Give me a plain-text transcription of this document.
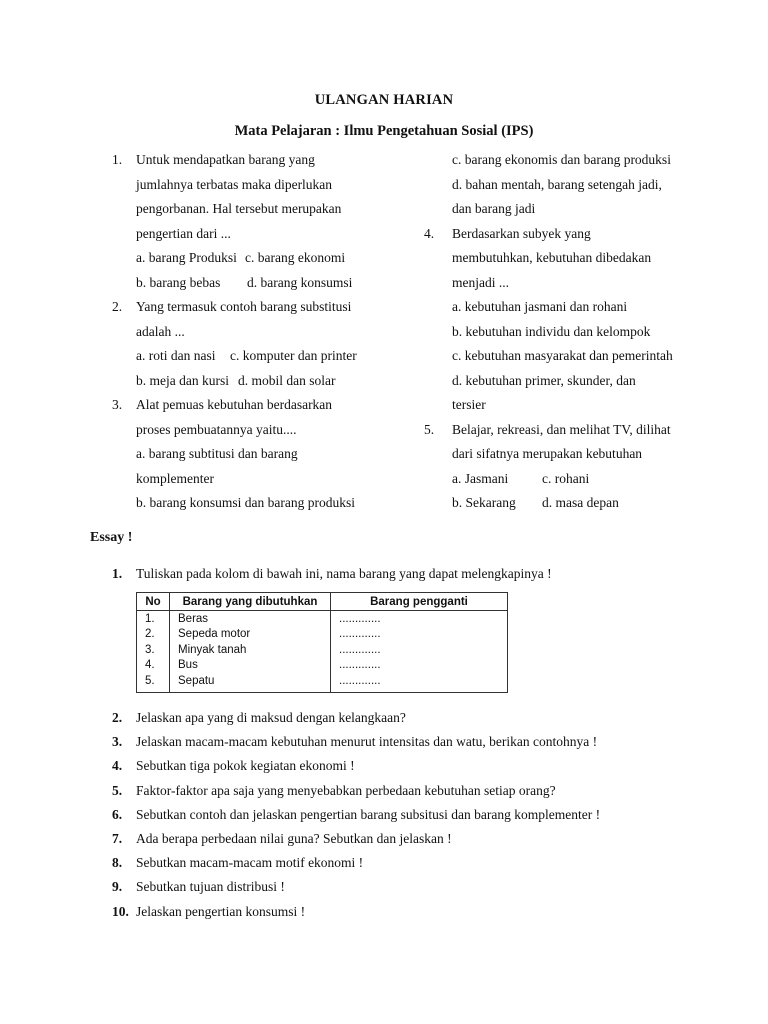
ULANGAN HARIAN
Mata Pelajaran : Ilmu Pengetahuan Sosial (IPS)
1.	Untuk mendapatkan barang yang
jumlahnya terbatas maka diperlukan
pengorbanan. Hal tersebut merupakan
pengertian dari ...
a. barang Produksi c. barang ekonomi
b. barang bebas d. barang konsumsi
2.	Yang termasuk contoh barang substitusi
adalah ...
a. roti dan nasi c. komputer dan printer
b. meja dan kursi d. mobil dan solar
3.	Alat pemuas kebutuhan berdasarkan
proses pembuatannya yaitu....
a. barang subtitusi dan barang
komplementer
b. barang konsumsi dan barang produksi
c. barang ekonomis dan barang produksi
d. bahan mentah, barang setengah jadi,
dan barang jadi
4.	Berdasarkan subyek yang
membutuhkan, kebutuhan dibedakan
menjadi ...
a. kebutuhan jasmani dan rohani
b. kebutuhan individu dan kelompok
c. kebutuhan masyarakat dan pemerintah
d. kebutuhan primer, skunder, dan
tersier
5.	Belajar, rekreasi, dan melihat TV, dilihat
dari sifatnya merupakan kebutuhan
a. Jasmani	c. rohani
b. Sekarang d. masa depan
Essay !
1. Tuliskan pada kolom di bawah ini, nama barang yang dapat melengkapinya !
No	Barang yang dibutuhkan	Barang pengganti
1.	Beras	.............
2.	Sepeda motor	.............
3.	Minyak tanah	.............
4.	Bus	.............
5.	Sepatu	.............
2. Jelaskan apa yang di maksud dengan kelangkaan?
3. Jelaskan macam-macam kebutuhan menurut intensitas dan watu, berikan contohnya !
4. Sebutkan tiga pokok kegiatan ekonomi !
5. Faktor-faktor apa saja yang menyebabkan perbedaan kebutuhan setiap orang?
6. Sebutkan contoh dan jelaskan pengertian barang subsitusi dan barang komplementer !
7. Ada berapa perbedaan nilai guna? Sebutkan dan jelaskan !
8. Sebutkan macam-macam motif ekonomi !
9. Sebutkan tujuan distribusi !
10. Jelaskan pengertian konsumsi !
